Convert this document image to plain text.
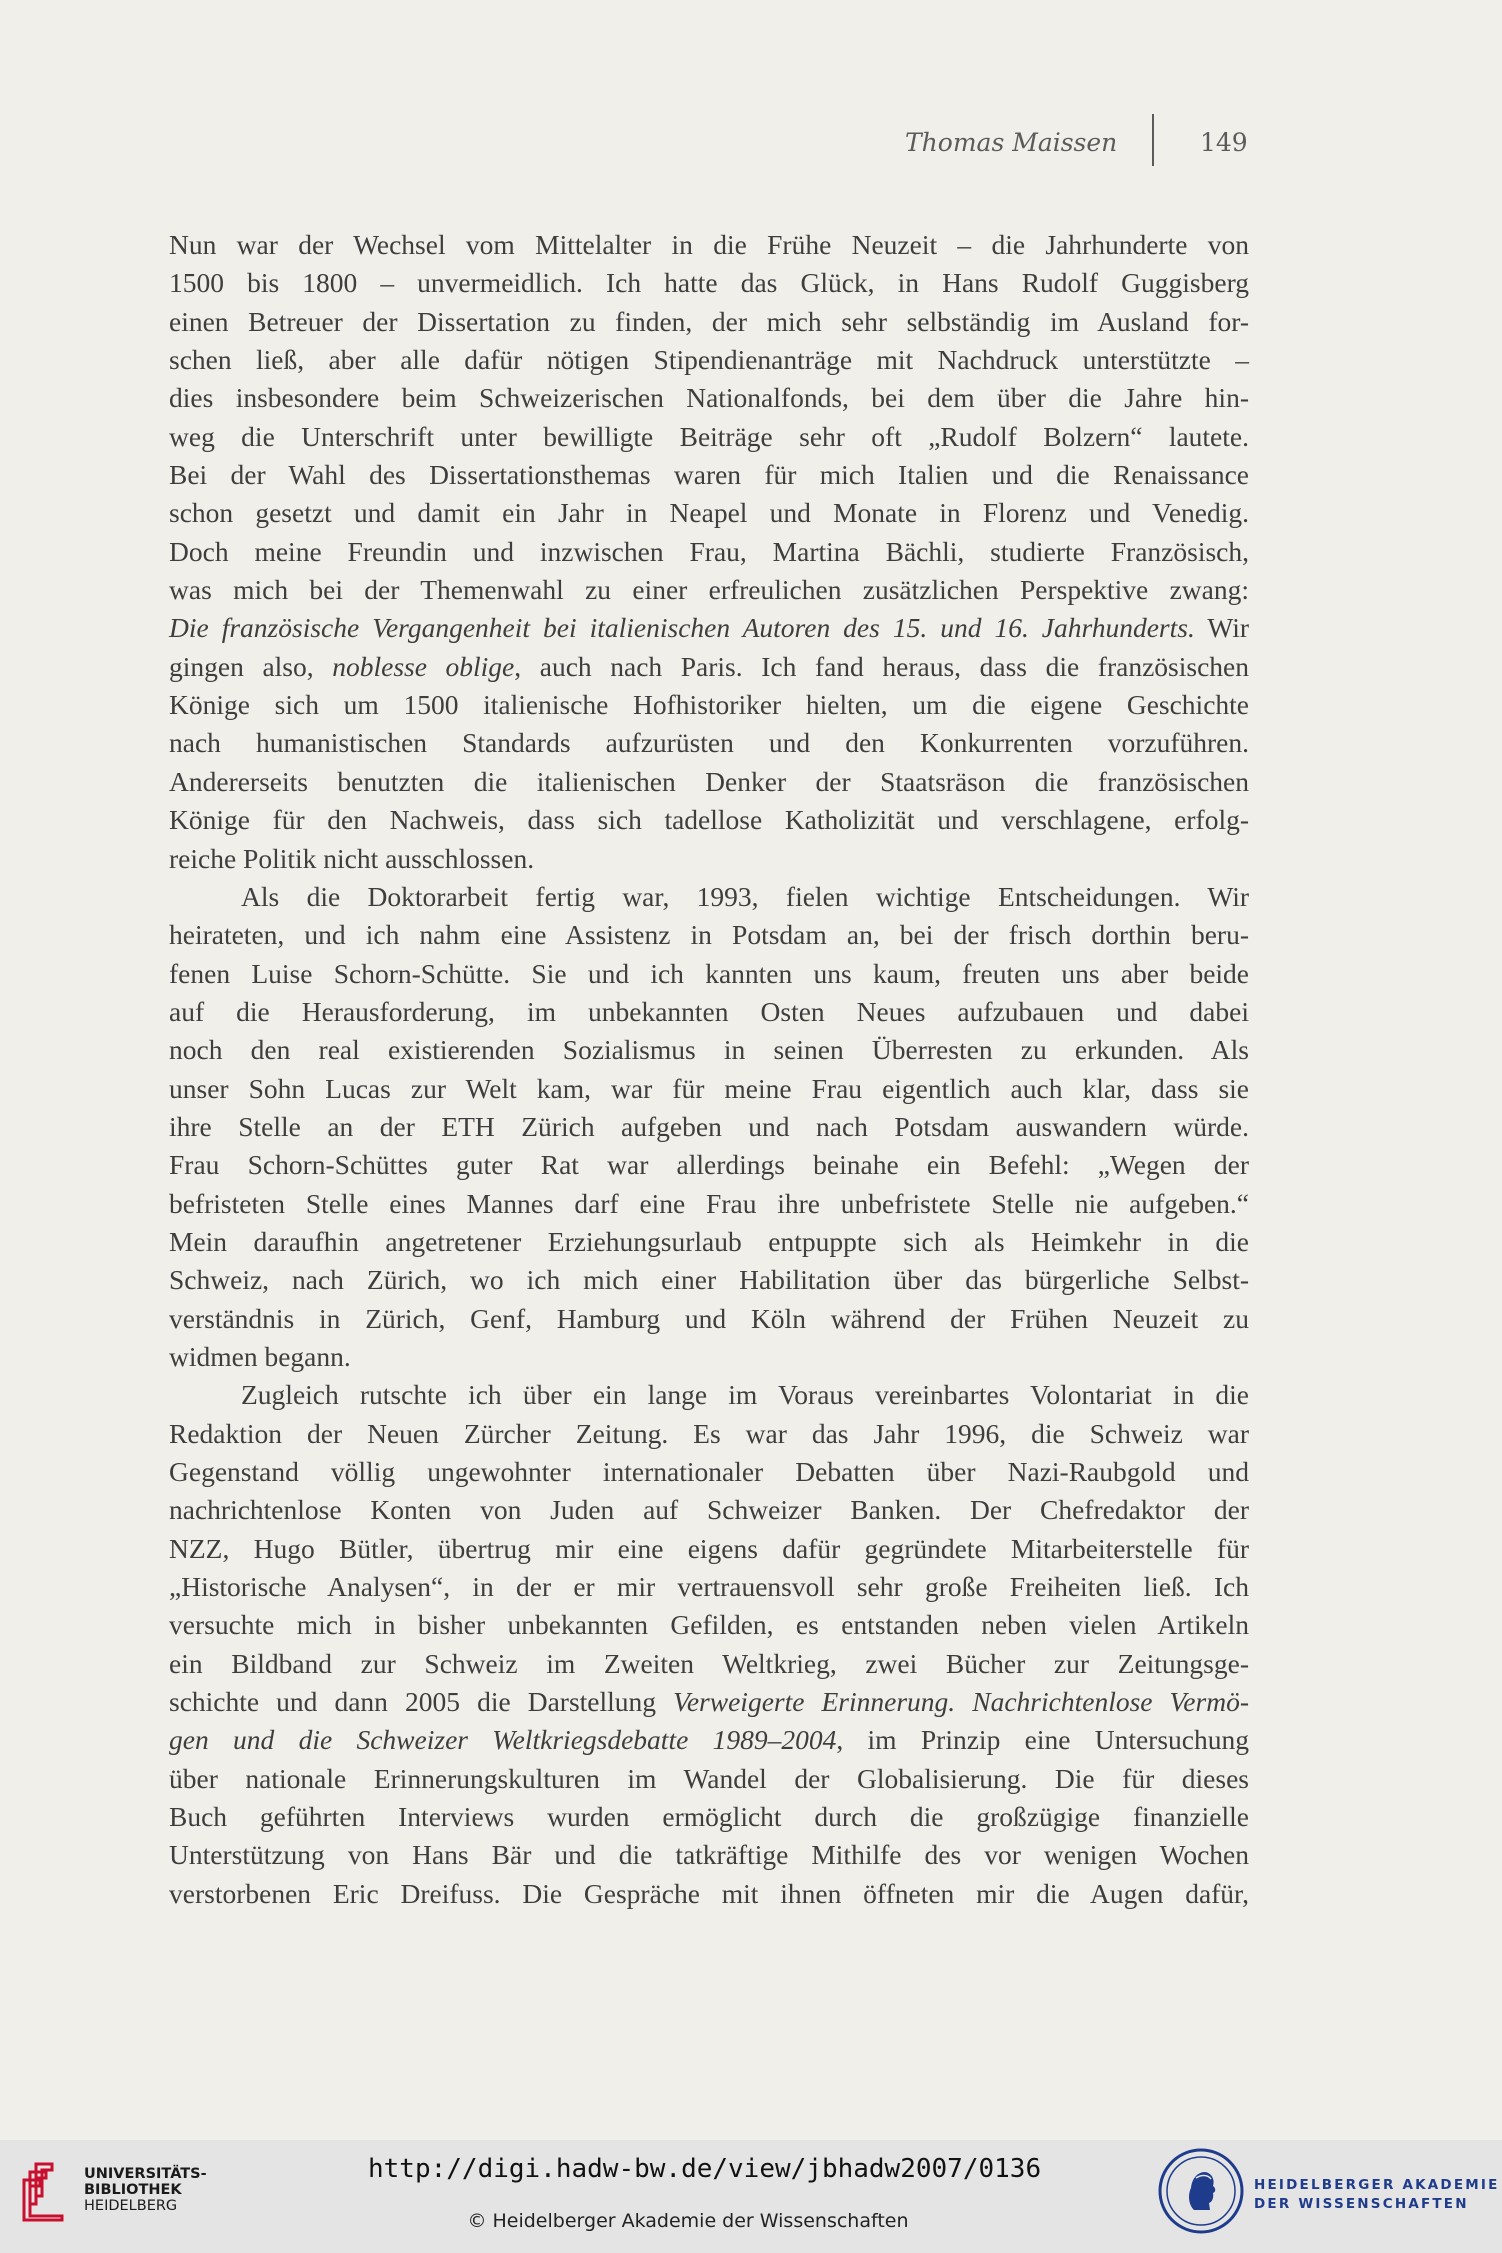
Thomas Maissen	149
Nun war der Wechsel vom Mittelalter in die Frühe Neuzeit – die Jahrhunderte von
1500 bis 1800 – unvermeidlich. Ich hatte das Glück, in Hans Rudolf Guggisberg
einen Betreuer der Dissertation zu finden, der mich sehr selbständig im Ausland for-
schen ließ, aber alle dafür nötigen Stipendienanträge mit Nachdruck unterstützte –
dies insbesondere beim Schweizerischen Nationalfonds, bei dem über die Jahre hin-
weg die Unterschrift unter bewilligte Beiträge sehr oft „Rudolf Bolzern“ lautete.
Bei der Wahl des Dissertationsthemas waren für mich Italien und die Renaissance
schon gesetzt und damit ein Jahr in Neapel und Monate in Florenz und Venedig.
Doch meine Freundin und inzwischen Frau, Martina Bächli, studierte Französisch,
was mich bei der Themenwahl zu einer erfreulichen zusätzlichen Perspektive zwang:
Die französische Vergangenheit bei italienischen Autoren des 15. und 16. Jahrhunderts. Wir
gingen also, noblesse oblige, auch nach Paris. Ich fand heraus, dass die französischen
Könige sich um 1500 italienische Hofhistoriker hielten, um die eigene Geschichte
nach humanistischen Standards aufzurüsten und den Konkurrenten vorzuführen.
Andererseits benutzten die italienischen Denker der Staatsräson die französischen
Könige für den Nachweis, dass sich tadellose Katholizität und verschlagene, erfolg-
reiche Politik nicht ausschlossen.
Als die Doktorarbeit fertig war, 1993, fielen wichtige Entscheidungen. Wir
heirateten, und ich nahm eine Assistenz in Potsdam an, bei der frisch dorthin beru-
fenen Luise Schorn-Schütte. Sie und ich kannten uns kaum, freuten uns aber beide
auf die Herausforderung, im unbekannten Osten Neues aufzubauen und dabei
noch den real existierenden Sozialismus in seinen Überresten zu erkunden. Als
unser Sohn Lucas zur Welt kam, war für meine Frau eigentlich auch klar, dass sie
ihre Stelle an der ETH Zürich aufgeben und nach Potsdam auswandern würde.
Frau Schorn-Schüttes guter Rat war allerdings beinahe ein Befehl: „Wegen der
befristeten Stelle eines Mannes darf eine Frau ihre unbefristete Stelle nie aufgeben.“
Mein daraufhin angetretener Erziehungsurlaub entpuppte sich als Heimkehr in die
Schweiz, nach Zürich, wo ich mich einer Habilitation über das bürgerliche Selbst-
verständnis in Zürich, Genf, Hamburg und Köln während der Frühen Neuzeit zu
widmen begann.
Zugleich rutschte ich über ein lange im Voraus vereinbartes Volontariat in die
Redaktion der Neuen Zürcher Zeitung. Es war das Jahr 1996, die Schweiz war
Gegenstand völlig ungewohnter internationaler Debatten über Nazi-Raubgold und
nachrichtenlose Konten von Juden auf Schweizer Banken. Der Chefredaktor der
NZZ, Hugo Bütler, übertrug mir eine eigens dafür gegründete Mitarbeiterstelle für
„Historische Analysen“, in der er mir vertrauensvoll sehr große Freiheiten ließ. Ich
versuchte mich in bisher unbekannten Gefilden, es entstanden neben vielen Artikeln
ein Bildband zur Schweiz im Zweiten Weltkrieg, zwei Bücher zur Zeitungsge-
schichte und dann 2005 die Darstellung Verweigerte Erinnerung. Nachrichtenlose Vermö-
gen und die Schweizer Weltkriegsdebatte 1989–2004, im Prinzip eine Untersuchung
über nationale Erinnerungskulturen im Wandel der Globalisierung. Die für dieses
Buch geführten Interviews wurden ermöglicht durch die großzügige finanzielle
Unterstützung von Hans Bär und die tatkräftige Mithilfe des vor wenigen Wochen
verstorbenen Eric Dreifuss. Die Gespräche mit ihnen öffneten mir die Augen dafür,
UNIVERSITÄTS-
BIBLIOTHEK
HEIDELBERG
http://digi.hadw-bw.de/view/jbhadw2007/0136
© Heidelberger Akademie der Wissenschaften
HEIDELBERGER AKADEMIE
DER WISSENSCHAFTEN
